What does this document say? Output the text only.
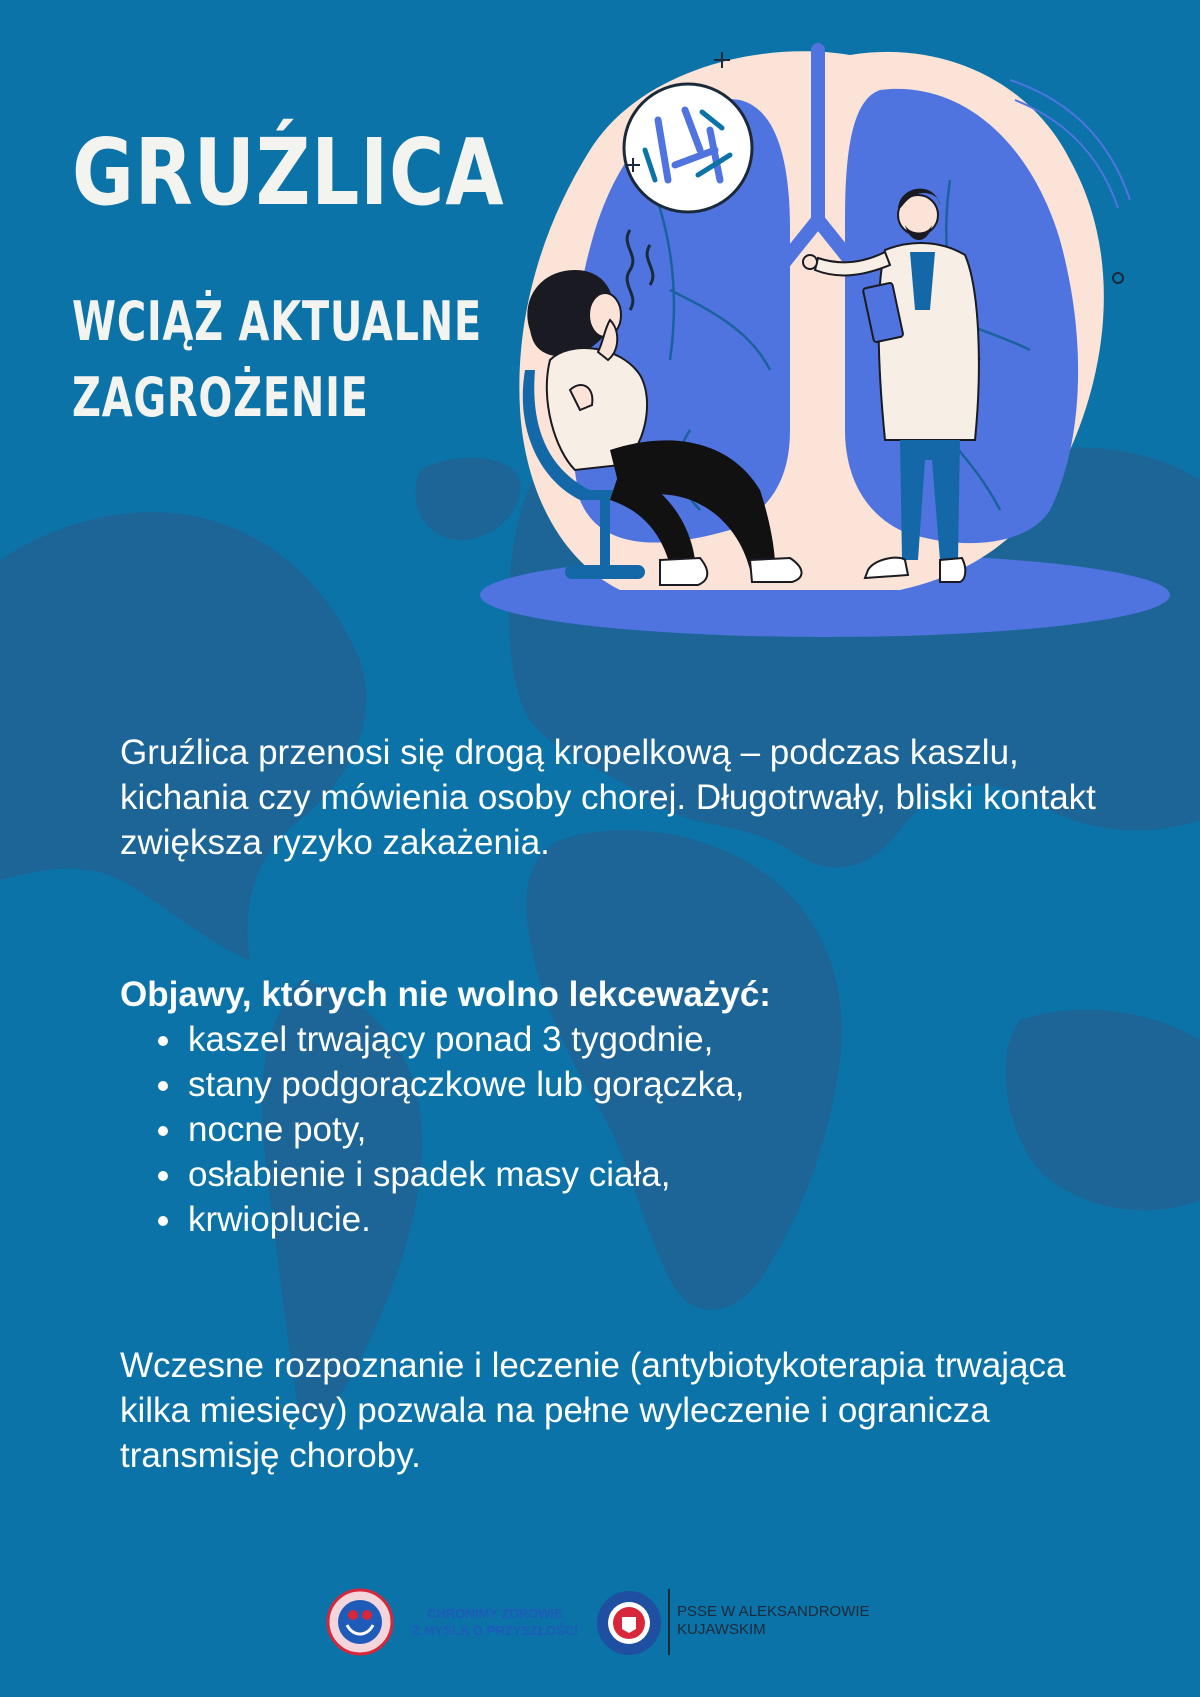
GRUŹLICA
WCIĄŻ AKTUALNE
ZAGROŻENIE

Gruźlica przenosi się drogą kropelkową – podczas kaszlu, kichania czy mówienia osoby chorej. Długotrwały, bliski kontakt zwiększa ryzyko zakażenia.

Objawy, których nie wolno lekceważyć:

kaszel trwający ponad 3 tygodnie,
stany podgorączkowe lub gorączka,
nocne poty,
osłabienie i spadek masy ciała,
krwioplucie.

Wczesne rozpoznanie i leczenie (antybiotykoterapia trwająca kilka miesięcy) pozwala na pełne wyleczenie i ogranicza transmisję choroby.

CHRONIMY ZDROWIE
Z MYŚLĄ O PRZYSZŁOŚCI
PSSE W ALEKSANDROWIE
KUJAWSKIM
